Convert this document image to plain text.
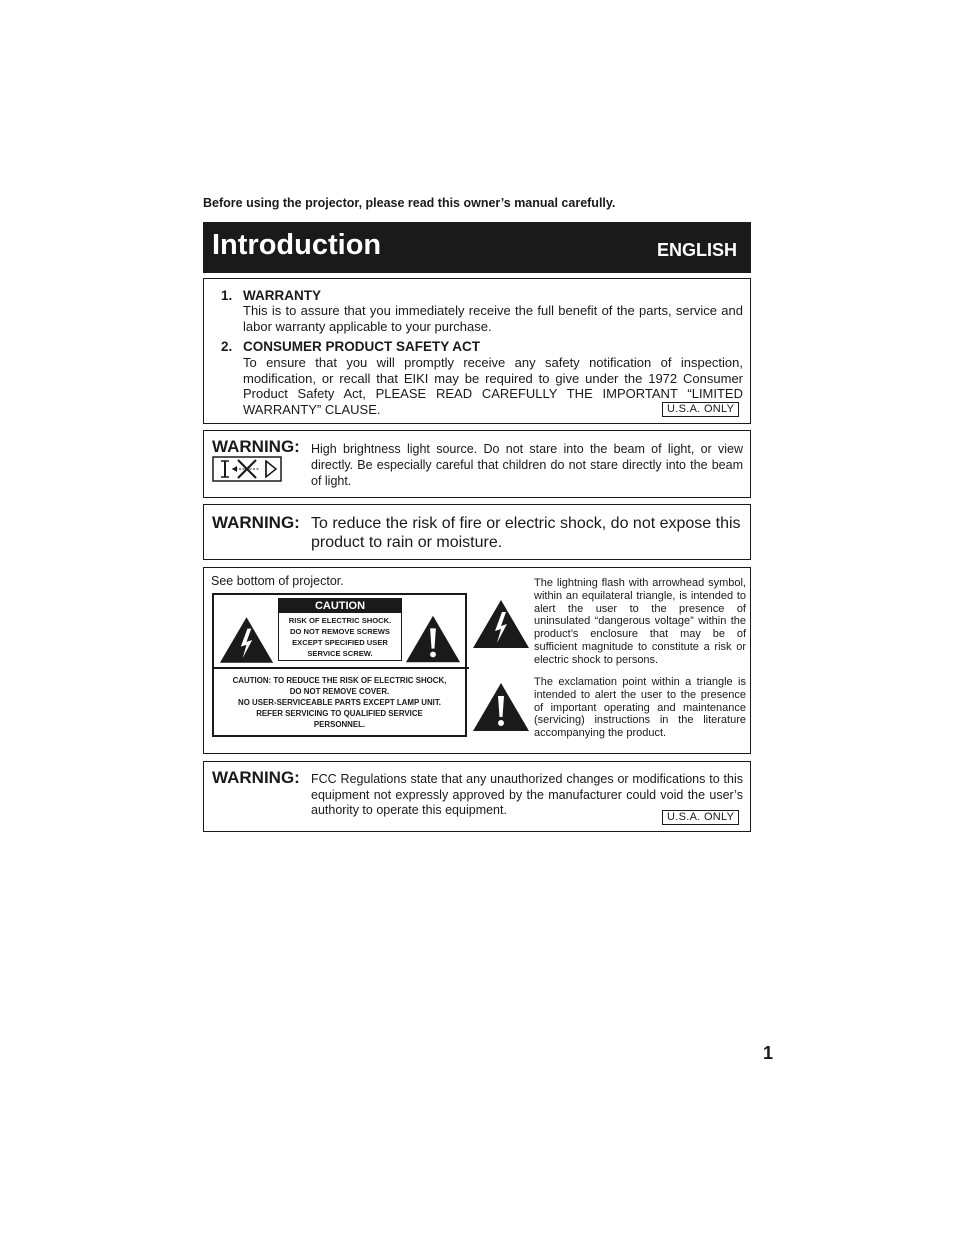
Before using the projector, please read this owner’s manual carefully.
Introduction	ENGLISH
1. WARRANTY
This is to assure that you immediately receive the full benefit of the parts, service and labor warranty applicable to your purchase.
2. CONSUMER PRODUCT SAFETY ACT
To ensure that you will promptly receive any safety notification of inspection, modification, or recall that EIKI may be required to give under the 1972 Consumer Product Safety Act, PLEASE READ CAREFULLY THE IMPORTANT “LIMITED WARRANTY” CLAUSE.	U.S.A. ONLY
WARNING: High brightness light source. Do not stare into the beam of light, or view directly. Be especially careful that children do not stare directly into the beam of light.
WARNING: To reduce the risk of fire or electric shock, do not expose this product to rain or moisture.
See bottom of projector.
CAUTION
RISK OF ELECTRIC SHOCK.
DO NOT REMOVE SCREWS
EXCEPT SPECIFIED USER
SERVICE SCREW.
CAUTION: TO REDUCE THE RISK OF ELECTRIC SHOCK,
DO NOT REMOVE COVER.
NO USER-SERVICEABLE PARTS EXCEPT LAMP UNIT.
REFER SERVICING TO QUALIFIED SERVICE
PERSONNEL.
The lightning flash with arrowhead symbol, within an equilateral triangle, is intended to alert the user to the presence of uninsulated “dangerous voltage” within the product’s enclosure that may be of sufficient magnitude to constitute a risk or electric shock to persons.
The exclamation point within a triangle is intended to alert the user to the presence of important operating and maintenance (servicing) instructions in the literature accompanying the product.
WARNING: FCC Regulations state that any unauthorized changes or modifications to this equipment not expressly approved by the manufacturer could void the user’s authority to operate this equipment.	U.S.A. ONLY
1
